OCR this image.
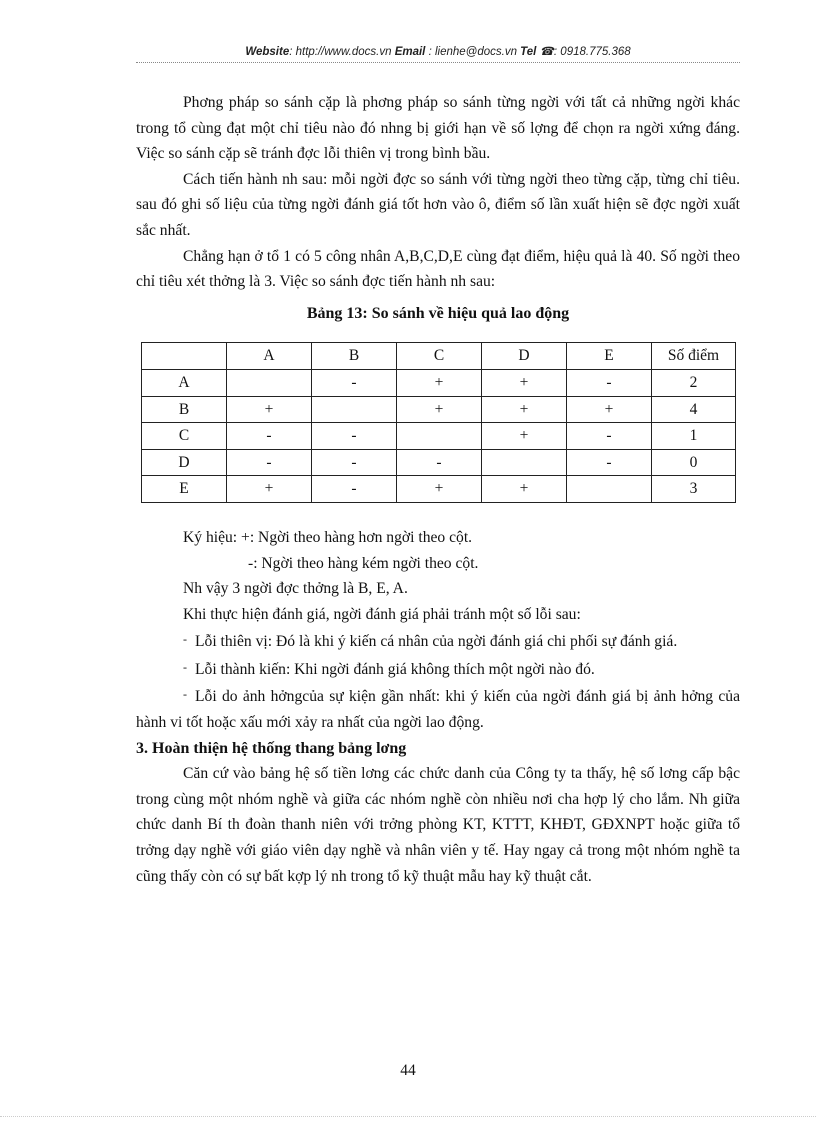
Website: http://www.docs.vn Email : lienhe@docs.vn Tel ☎: 0918.775.368

Phơng pháp so sánh cặp là phơng pháp so sánh từng ngời với tất cả những ngời khác trong tổ cùng đạt một chỉ tiêu nào đó nhng bị giới hạn về số lợng để chọn ra ngời xứng đáng. Việc so sánh cặp sẽ tránh đợc lỗi thiên vị trong bình bầu.

Cách tiến hành nh sau: mỗi ngời đợc so sánh với từng ngời theo từng cặp, từng chỉ tiêu. sau đó ghi số liệu của từng ngời đánh giá tốt hơn vào ô, điểm số lần xuất hiện sẽ đợc ngời xuất sắc nhất.

Chẳng hạn ở tổ 1 có 5 công nhân A,B,C,D,E cùng đạt điểm, hiệu quả là 40. Số ngời theo chỉ tiêu xét thởng là 3. Việc so sánh đợc tiến hành nh sau:

Bảng 13: So sánh về hiệu quả lao động
	A	B	C	D	E	Số điểm
A		-	+	+	-	2
B	+		+	+	+	4
C	-	-		+	-	1
D	-	-	-		-	0
E	+	-	+	+		3

Ký hiệu: +: Ngời theo hàng hơn ngời theo cột.

-: Ngời theo hàng kém ngời theo cột.

Nh vậy 3 ngời đợc thởng là B, E, A.

Khi thực hiện đánh giá, ngời đánh giá phải tránh một số lỗi sau:

- Lỗi thiên vị: Đó là khi ý kiến cá nhân của ngời đánh giá chi phối sự đánh giá.

- Lỗi thành kiến: Khi ngời đánh giá không thích một ngời nào đó.

- Lỗi do ảnh hởngcủa sự kiện gần nhất: khi ý kiến của ngời đánh giá bị ảnh hởng của hành vi tốt hoặc xấu mới xảy ra nhất của ngời lao động.

3. Hoàn thiện hệ thống thang bảng lơng

Căn cứ vào bảng hệ số tiền lơng các chức danh của Công ty ta thấy, hệ số lơng cấp bậc trong cùng một nhóm nghề và giữa các nhóm nghề còn nhiều nơi cha hợp lý cho lắm. Nh giữa chức danh Bí th đoàn thanh niên với trởng phòng KT, KTTT, KHĐT, GĐXNPT hoặc giữa tổ trởng dạy nghề với giáo viên dạy nghề và nhân viên y tế. Hay ngay cả trong một nhóm nghề ta cũng thấy còn có sự bất kợp lý nh trong tổ kỹ thuật mẫu hay kỹ thuật cắt.

44
